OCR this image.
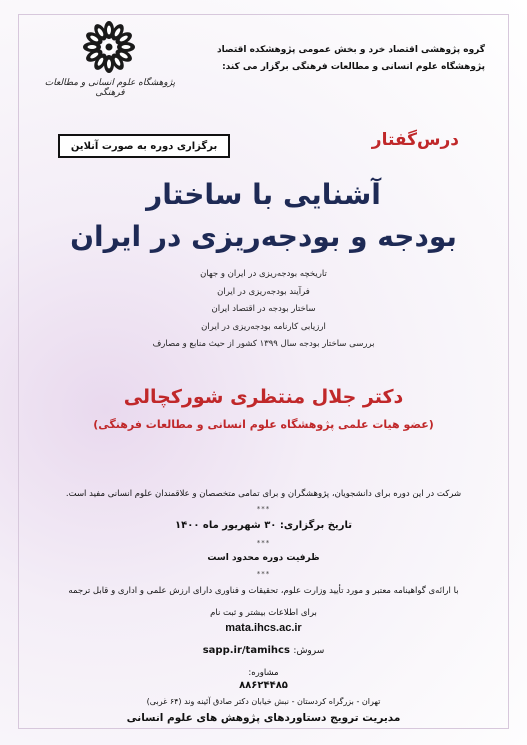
پژوهشگاه علوم انسانی و مطالعات فرهنگی
گروه پژوهشی اقتصاد خرد و بخش عمومی پژوهشکده اقتصاد
پژوهشگاه علوم انسانی و مطالعات فرهنگی برگزار می کند:
برگزاری دوره به صورت آنلاین	درس‌گفتار
آشنایی با ساختار
بودجه و بودجه‌ریزی در ایران
تاریخچه بودجه‌ریزی در ایران و جهان
فرآیند بودجه‌ریزی در ایران
ساختار بودجه در اقتصاد ایران
ارزیابی کارنامه بودجه‌ریزی در ایران
بررسی ساختار بودجه سال ۱۳۹۹ کشور از حیث منابع و مصارف
دکتر جلال منتظری شورکچالی
(عضو هیات علمی پژوهشگاه علوم انسانی و مطالعات فرهنگی)
شرکت در این دوره برای دانشجویان، پژوهشگران و برای تمامی متخصصان و علاقمندان علوم انسانی مفید است.
***
تاریخ برگزاری: ۳۰ شهریور ماه ۱۴۰۰
***
ظرفیت دوره محدود است
***
با ارائه‌ی گواهینامه معتبر و مورد تأیید وزارت علوم، تحقیقات و فناوری دارای ارزش علمی و اداری و قابل ترجمه
برای اطلاعات بیشتر و ثبت نام
mata.ihcs.ac.ir
سروش: sapp.ir/tamihcs
مشاوره:
۸۸۶۲۴۴۸۵
تهران - بزرگراه کردستان - نبش خیابان دکتر صادق آئینه وند (۶۴ غربی)
مدیریت ترویج دستاوردهای پژوهش های علوم انسانی
